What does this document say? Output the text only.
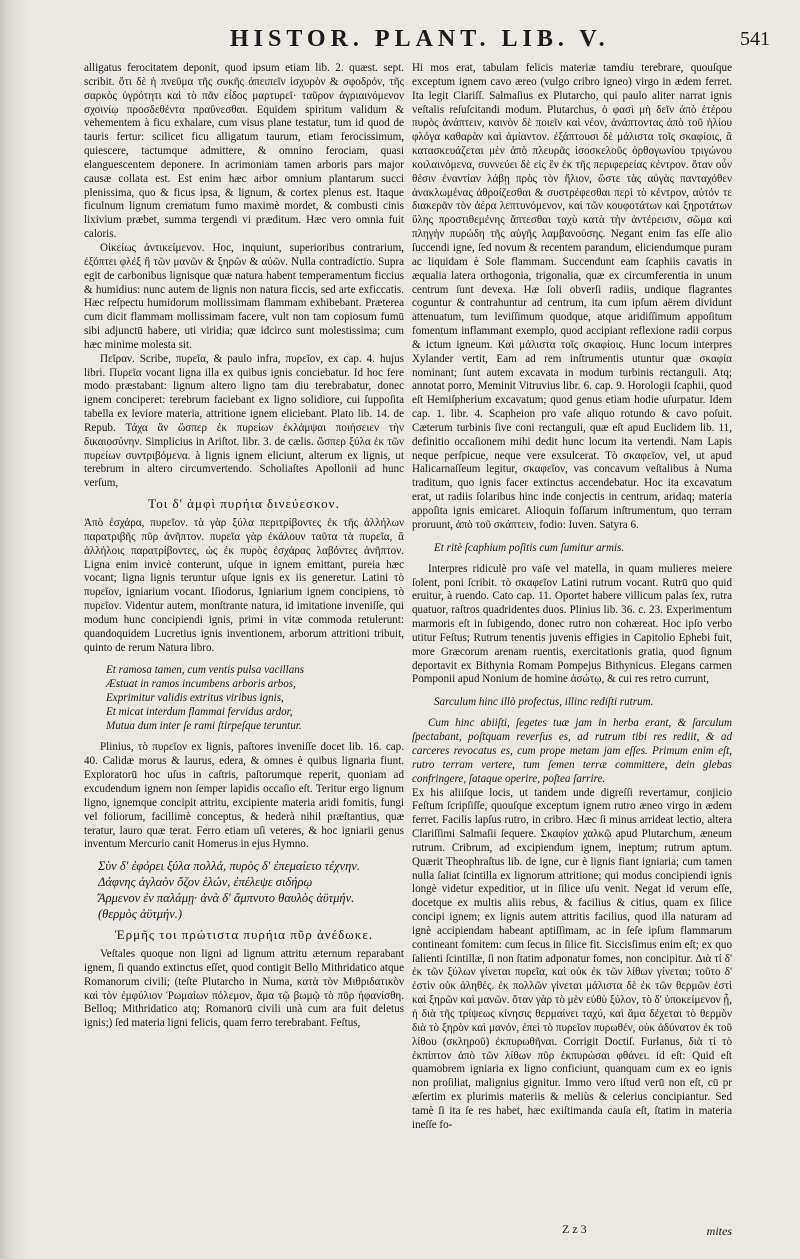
HISTOR. PLANT. LIB. V.	541

alligatus ferocitatem deponit, quod ipsum etiam lib. 2. quæst. sept. scribit. ὅτι δὲ ἡ πνεῦμα τῆς συκῆς ἀπειπεῖν ἰσχυρὸν & σφοδρόν, τῆς σαρκὸς ὑγρότητι καὶ τὸ πᾶν εἶδος μαρτυρεῖ· ταῦρον ἀγριαινόμενον σχοινίῳ προσδεθέντα πραΰνεσθαι. Equidem spiritum validum & vehementem à ficu exhalare, cum visus plane testatur, tum id quod de tauris fertur: scilicet ficu alligatum taurum, etiam ferocissimum, quiescere, tactumque admittere, & omnino ferociam, quasi elanguescentem deponere. In acrimoniam tamen arboris pars major causæ collata est. Est enim hæc arbor omnium plantarum succi plenissima, quo & ficus ipsa, & lignum, & cortex plenus est. Itaque ficulnum lignum crematum fumo maximè mordet, & combusti cinis lixivium præbet, summa tergendi vi præditum. Hæc vero omnia fuit caloris.

Οἰκείως ἀντικείμενον. Hoc, inquiunt, superioribus contrarium, ἐξόπτει φλέξ ἢ τῶν μανῶν & ξηρῶν & αὐῶν. Nulla contradictio. Supra egit de carbonibus lignisque quæ natura habent temperamentum ficcius & humidius: nunc autem de lignis non natura ficcis, sed arte exficcatis. Hæc reſpectu humidorum mollissimam flammam exhibebant. Præterea cum dicit flammam mollissimam facere, vult non tam copiosum fumū sibi adjunctū habere, uti viridia; quæ idcirco sunt molestissima; cum hæc minime molesta sit.

Πεῖραν. Scribe, πυρεῖα, & paulo infra, πυρεῖον, ex cap. 4. hujus libri. Πυρεῖα vocant ligna illa ex quibus ignis conciebatur. Id hoc fere modo præstabant: lignum altero ligno tam diu terebrabatur, donec ignem conciperet: terebrum faciebant ex ligno solidiore, cui ſuppoſita tabella ex leviore materia, attritione ignem eliciebant. Plato lib. 14. de Repub. Τάχα ἂν ὥσπερ ἐκ πυρείων ἐκλάμψαι ποιήσειεν τὴν δικαιοσύνην. Simplicius in Ariſtot. libr. 3. de cælis. ὥσπερ ξύλα ἐκ τῶν πυρείων συντριβόμενα. à lignis ignem eliciunt, alterum ex lignis, ut terebrum in altero circumvertendo. Scholiaſtes Apollonii ad hunc verſum,

Τοι δ' ἀμφὶ πυρήια δινεύεσκον.

Ἀπὸ ἐσχάρα, πυρεῖον. τὰ γὰρ ξύλα περιτρίβοντες ἐκ τῆς ἀλλήλων παρατριβῆς πῦρ ἀνῆπτον. πυρεῖα γὰρ ἐκάλουν ταῦτα τὰ πυρεῖα, ἃ ἀλλήλοις παρατρίβοντες, ὡς ἐκ πυρὸς ἐσχάρας λαβόντες ἀνῆπτον. Ligna enim invicè conterunt, uſque in ignem emittant, pureia hæc vocant; ligna lignis teruntur uſque ignis ex iis generetur. Latini τὸ πυρεῖον, igniarium vocant. Iſiodorus, Igniarium ignem concipiens, τὸ πυρεῖον. Videntur autem, monſtrante natura, id imitatione inveniſſe, qui modum hunc concipiendi ignis, primi in vitæ commoda retulerunt: quandoquidem Lucretius ignis inventionem, arborum attritioni tribuit, quinto de rerum Natura libro.

Et ramosa tamen, cum ventis pulsa vacillans
Æstuat in ramos incumbens arboris arbos,
Exprimitur validis extritus viribus ignis,
Et micat interdum flammai fervidus ardor,
Mutua dum inter ſe rami ſtirpeſque teruntur.

Plinius, τὸ πυρεῖον ex lignis, paſtores inveniſſe docet lib. 16. cap. 40. Calidæ morus & laurus, edera, & omnes è quibus lignaria fiunt. Exploratorū hoc uſus in caſtris, paſtorumque reperit, quoniam ad excudendum ignem non ſemper lapidis occaſio eſt. Teritur ergo lignum ligno, ignemque concipit attritu, excipiente materia aridi fomitis, fungi vel foliorum, facillimè conceptus, & hederà nihil præſtantius, quæ teratur, lauro quæ terat. Ferro etiam uſi veteres, & hoc igniarii genus inventum Mercurio canit Homerus in ejus Hymno.

Σὺν δ' ἐφόρει ξύλα πολλά, πυρὸς δ' ἐπεμαίετο τέχνην.
Δάφνης ἀγλαὸν ὄζον ἑλών, ἐπέλεψε σιδήρῳ
Ἄρμενον ἐν παλάμῃ· ἀνὰ δ' ἄμπνυτο θαυλὸς ἀϋτμήν.
(θερμὸς ἀϋτμήν.)
Ἑρμῆς τοι πρώτιστα πυρήια πῦρ ἀνέδωκε.

Veſtales quoque non ligni ad lignum attritu æternum reparabant ignem, ſi quando extinctus eſſet, quod contigit Bello Mithridatico atque Romanorum civili; (teſte Plutarcho in Numa, κατὰ τὸν Μιθριδατικὸν καὶ τὸν ἐμφύλιον Ῥωμαίων πόλεμον, ἅμα τῷ βωμῷ τὸ πῦρ ἠφανίσθη. Belloq; Mithridatico atq; Romanorū civili unà cum ara fuit deletus ignis;) ſed materia ligni felicis, quam ferro terebrabant. Feſtus,

Hi mos erat, tabulam felicis materiæ tamdiu terebrare, quouſque exceptum ignem cavo æreo (vulgo cribro igneo) virgo in ædem ferret. Ita legit Clariſſ. Salmaſius ex Plutarcho, qui paulo aliter narrat ignis veſtalis reſuſcitandi modum. Plutarchus, ὁ φασὶ μὴ δεῖν ἀπὸ ἑτέρου πυρὸς ἀνάπτειν, καινὸν δὲ ποιεῖν καὶ νέον, ἀνάπτοντας ἀπὸ τοῦ ἡλίου φλόγα καθαρὰν καὶ ἀμίαντον. ἐξάπτουσι δὲ μάλιστα τοῖς σκαφίοις, ἃ κατασκευάζεται μὲν ἀπὸ πλευρᾶς ἰσοσκελοῦς ὀρθογωνίου τριγώνου κοιλαινόμενα, συννεύει δὲ εἰς ἓν ἐκ τῆς περιφερείας κέντρον. ὅταν οὖν θέσιν ἐναντίαν λάβῃ πρὸς τὸν ἥλιον, ὥστε τὰς αὐγὰς πανταχόθεν ἀνακλωμένας ἀθροίζεσθαι & συστρέφεσθαι περὶ τὸ κέντρον, αὐτόν τε διακερᾶν τὸν ἀέρα λεπτυνόμενον, καὶ τῶν κουφοτάτων καὶ ξηροτάτων ὕλης προστιθεμένης ἅπτεσθαι ταχὺ κατὰ τὴν ἀντέρεισιν, σῶμα καὶ πληγὴν πυρώδη τῆς αὐγῆς λαμβανούσης. Negant enim fas eſſe alio ſuccendi igne, ſed novum & recentem parandum, eliciendumque puram ac liquidam è Sole flammam. Succendunt eam ſcaphiis cavatis in æqualia latera orthogonia, trigonalia, quæ ex circumferentia in unum centrum ſunt devexa. Hæ ſoli obverſi radiis, undique flagrantes coguntur & contrahuntur ad centrum, ita cum ipſum aërem dividunt attenuatum, tum leviſſimum quodque, atque aridiſſimum appoſitum fomentum inflammant exemplo, quod accipiant reflexione radii corpus & ictum igneum. Καὶ μάλιστα τοῖς σκαφίοις. Hunc locum interpres Xylander vertit, Eam ad rem inſtrumentis utuntur quæ σκαφία nominant; ſunt autem excavata in modum turbinis rectanguli. Atq; annotat porro, Meminit Vitruvius libr. 6. cap. 9. Horologii ſcaphii, quod eſt Hemiſpherium excavatum; quod genus etiam hodie uſurpatur. Idem cap. 1. libr. 4. Scapheion pro vaſe aliquo rotundo & cavo poſuit. Cæterum turbinis ſive coni rectanguli, quæ eſt apud Euclidem lib. 11, definitio occaſionem mihi dedit hunc locum ita vertendi. Nam Lapis neque perſpicue, neque vere exsulcerat. Τὸ σκαφεῖον, vel, ut apud Halicarnaſſeum legitur, σκαφεῖον, vas concavum veſtalibus à Numa traditum, quo ignis facer extinctus accendebatur. Hoc ita excavatum erat, ut radiis ſolaribus hinc inde conjectis in centrum, aridaq; materia appoſita ignis emicaret. Alioquin foſſarum inſtrumentum, quo terram proruunt, ἀπὸ τοῦ σκάπτειν, fodio: Iuven. Satyra 6.

Et ritè ſcaphium poſitis cum ſumitur armis.

Interpres ridiculè pro vaſe vel matella, in quam mulieres meiere ſolent, poni ſcribit. τὸ σκαφεῖον Latini rutrum vocant. Rutrū quo quid eruitur, à ruendo. Cato cap. 11. Oportet habere villicum palas ſex, rutra quatuor, raſtros quadridentes duos. Plinius lib. 36. c. 23. Experimentum marmoris eſt in ſubigendo, donec rutro non cohæreat. Hoc ipſo verbo utitur Feſtus; Rutrum tenentis juvenis effigies in Capitolio Ephebi fuit, more Græcorum arenam ruentis, exercitationis gratia, quod ſignum deportavit ex Bithynia Romam Pompejus Bithynicus. Elegans carmen Pomponii apud Nonium de homine ἀσώτῳ, & cui res retro currunt,

Sarculum hinc illò profectus, illinc rediſti rutrum.

Cum hinc abiiſti, ſegetes tuæ jam in herba erant, & ſarculum ſpectabant, poſtquam reverſus es, ad rutrum tibi res rediit, & ad carceres revocatus es, cum prope metam jam eſſes. Primum enim eſt, rutro terram vertere, tum ſemen terræ committere, dein glebas confringere, ſataque operire, poſtea ſarrire.

Ex his aliiſque locis, ut tandem unde digreſſi revertamur, conjicio Feſtum ſcripſiſſe, quouſque exceptum ignem rutro æneo virgo in ædem ferret. Facilis lapſus rutro, in cribro. Hæc ſi minus arrideat lectio, altera Clariſſimi Salmaſii ſequere. Σκαφίον χαλκῷ apud Plutarchum, æneum rutrum. Cribrum, ad excipiendum ignem, ineptum; rutrum aptum. Quærit Theophraſtus lib. de igne, cur è lignis fiant igniaria; cum tamen nulla ſaliat ſcintilla ex lignorum attritione; qui modus concipiendi ignis longè videtur expeditior, ut in ſilice uſu venit. Negat id verum eſſe, docetque ex multis aliis rebus, & facilius & citius, quam ex ſilice concipi ignem; ex lignis autem attritis facilius, quod illa naturam ad ignè accipiendam habeant aptiſſimam, ac in ſeſe ipſum flammarum contineant fomitem: cum ſecus in ſilice fit. Siccisſimus enim eſt; ex quo ſalienti ſcintillæ, ſi non ſtatim adponatur fomes, non concipitur. Διὰ τί δ' ἐκ τῶν ξύλων γίνεται πυρεῖα, καὶ οὐκ ἐκ τῶν λίθων γίνεται; τοῦτο δ' ἐστὶν οὐκ ἀληθές. ἐκ πολλῶν γίνεται μάλιστα δὲ ἐκ τῶν θερμῶν ἐστὶ καὶ ξηρῶν καὶ μανῶν. ὅταν γὰρ τὸ μὲν εὐθὺ ξύλον, τὸ δ' ὑποκείμενον ᾖ, ἡ διὰ τῆς τρίψεως κίνησις θερμαίνει ταχύ, καὶ ἅμα δέχεται τὸ θερμὸν διὰ τὸ ξηρὸν καὶ μανόν, ἐπεὶ τὸ πυρεῖον πυρωθέν, οὐκ ἀδύνατον ἐκ τοῦ λίθου (σκληροῦ) ἐκπυρωθῆναι. Corrigit Doctiſ. Furlanus, διὰ τί τὸ ἐκπίπτον ἀπὸ τῶν λίθων πῦρ ἐκπυρώσαι φθάνει. id eſt: Quid eſt quamobrem igniaria ex ligno conficiunt, quanquam cum ex eo ignis non proſiliat, malignius gignitur. Immo vero iſtud verū non eſt, cū pr æſertim ex plurimis materiis & meliùs & celerius concipiantur. Sed tamè ſi ita ſe res habet, hæc exiſtimanda cauſa eſt, ſtatim in materia ineſſe fo-

Z z 3	mites
